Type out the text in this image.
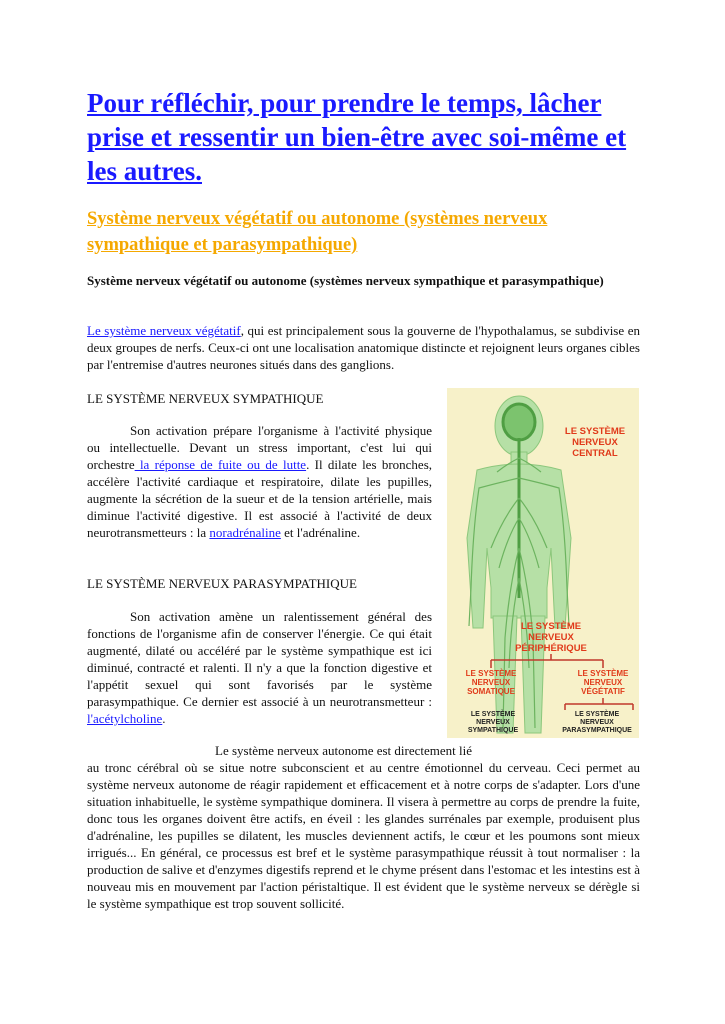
Pour réfléchir, pour prendre le temps, lâcher prise et ressentir un bien-être avec soi-même et les autres.
Système nerveux végétatif ou autonome (systèmes nerveux sympathique et parasympathique)

Système nerveux végétatif ou autonome (systèmes nerveux sympathique et parasympathique)

Le système nerveux végétatif, qui est principalement sous la gouverne de l'hypothalamus, se subdivise en deux groupes de nerfs. Ceux-ci ont une localisation anatomique distincte et rejoignent leurs organes cibles par l'entremise d'autres neurones situés dans des ganglions.

LE SYSTÈME NERVEUX SYMPATHIQUE

Son activation prépare l'organisme à l'activité physique ou intellectuelle. Devant un stress important, c'est lui qui orchestre la réponse de fuite ou de lutte. Il dilate les bronches, accélère l'activité cardiaque et respiratoire, dilate les pupilles, augmente la sécrétion de la sueur et de la tension artérielle, mais diminue l'activité digestive. Il est associé à l'activité de deux neurotransmetteurs : la noradrénaline et l'adrénaline.

LE SYSTÈME NERVEUX PARASYMPATHIQUE

Son activation amène un ralentissement général des fonctions de l'organisme afin de conserver l'énergie. Ce qui était augmenté, dilaté ou accéléré par le système sympathique est ici diminué, contracté et ralenti. Il n'y a que la fonction digestive et l'appétit sexuel qui sont favorisés par le système parasympathique. Ce dernier est associé à un neurotransmetteur : l'acétylcholine.

Le système nerveux autonome est directement lié

au tronc cérébral où se situe notre subconscient et au centre émotionnel du cerveau. Ceci permet au système nerveux autonome de réagir rapidement et efficacement et à notre corps de s'adapter. Lors d'une situation inhabituelle, le système sympathique dominera. Il visera à permettre au corps de prendre la fuite, donc tous les organes doivent être actifs, en éveil : les glandes surrénales par exemple, produisent plus d'adrénaline, les pupilles se dilatent, les muscles deviennent actifs, le cœur et les poumons sont mieux irrigués... En général, ce processus est bref et le système parasympathique réussit à tout normaliser : la production de salive et d'enzymes digestifs reprend et le chyme présent dans l'estomac et les intestins est à nouveau mis en mouvement par l'action péristaltique. Il est évident que le système nerveux se dérègle si le système sympathique est trop souvent sollicité.

LE SYSTÈME
NERVEUX
CENTRAL
LE SYSTÈME
NERVEUX
PÉRIPHÉRIQUE
LE SYSTÈME
NERVEUX
SOMATIQUE
LE SYSTÈME
NERVEUX
VÉGÉTATIF
LE SYSTÈME
NERVEUX
SYMPATHIQUE
LE SYSTÈME
NERVEUX
PARASYMPATHIQUE
